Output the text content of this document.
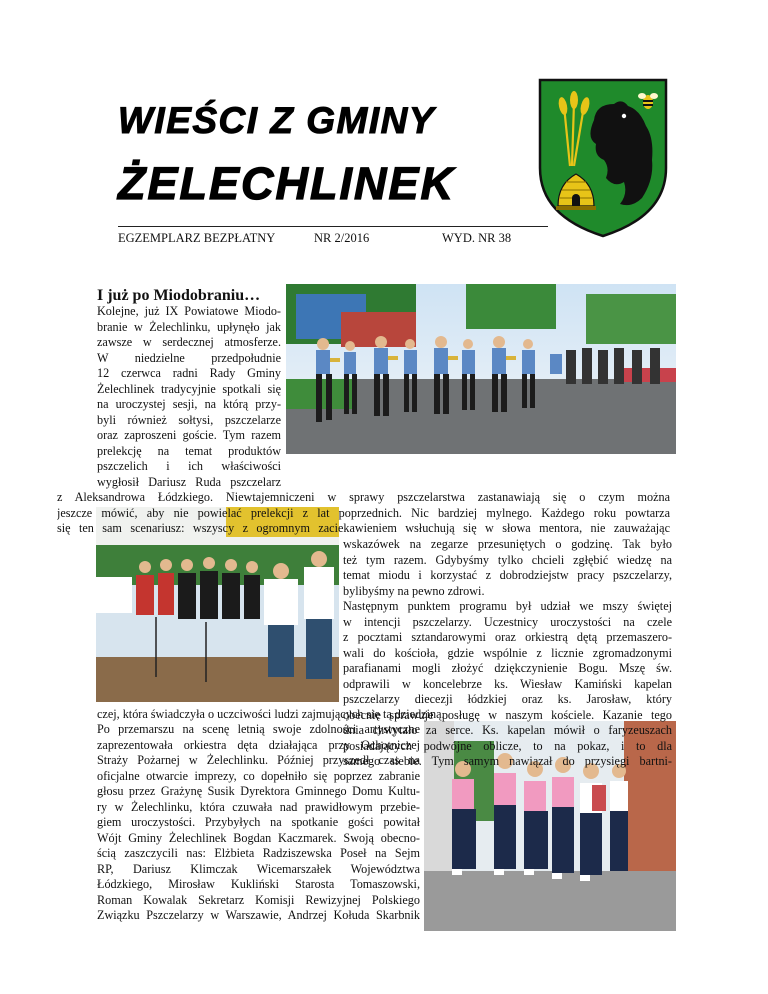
WIEŚCI Z GMINY
ŻELECHLINEK
EGZEMPLARZ BEZPŁATNY	NR 2/2016	WYD. NR 38
I już po Miodobraniu…
Kolejne, już IX Powiatowe Miodo-
branie w Żelechlinku, upłynęło jak
zawsze w serdecznej atmosferze.
W niedzielne przedpołudnie
12 czerwca radni Rady Gminy
Żelechlinek tradycyjnie spotkali się
na uroczystej sesji, na którą przy-
byli również sołtysi, pszczelarze
oraz zaproszeni goście. Tym razem
prelekcję na temat produktów
pszczelich i ich właściwości
wygłosił Dariusz Ruda pszczelarz
z Aleksandrowa Łódzkiego. Niewtajemniczeni w sprawy pszczelarstwa zastanawiają się o czym można
jeszcze mówić, aby nie powielać prelekcji z lat poprzednich. Nic bardziej mylnego. Każdego roku powtarza
się ten sam scenariusz: wszyscy z ogromnym zaciekawieniem wsłuchują się w słowa mentora, nie zauważając
wskazówek na zegarze przesuniętych o godzinę. Tak było
też tym razem. Gdybyśmy tylko chcieli zgłębić wiedzę na
temat miodu i korzystać z dobrodziejstw pracy pszczelarzy,
bylibyśmy na pewno zdrowi.
Następnym punktem programu był udział we mszy świętej
w intencji pszczelarzy. Uczestnicy uroczystości na czele
z pocztami sztandarowymi oraz orkiestrą dętą przemaszero-
wali do kościoła, gdzie wspólnie z licznie zgromadzonymi
parafianami mogli złożyć dziękczynienie Bogu. Mszę św.
odprawili w koncelebrze ks. Wiesław Kamiński kapelan
pszczelarzy diecezji łódzkiej oraz ks. Jarosław, który
obecnie sprawuje posługę w naszym kościele. Kazanie tego
dnia chwytało za serce. Ks. kapelan mówił o faryzeuszach
posiadających podwójne oblicze, to na pokaz, i to dla
samego siebie. Tym samym nawiązał do przysięgi bartni-
czej, która świadczyła o uczciwości ludzi zajmujących się tą dziedziną.
Po przemarszu na scenę letnią swoje zdolności artystyczne
zaprezentowała orkiestra dęta działająca przy Ochotniczej
Straży Pożarnej w Żelechlinku. Później przyszedł czas na
oficjalne otwarcie imprezy, co dopełniło się poprzez zabranie
głosu przez Grażynę Susik Dyrektora Gminnego Domu Kultu-
ry w Żelechlinku, która czuwała nad prawidłowym przebie-
giem uroczystości. Przybyłych na spotkanie gości powitał
Wójt Gminy Żelechlinek Bogdan Kaczmarek. Swoją obecno-
ścią zaszczycili nas: Elżbieta Radziszewska Poseł na Sejm
RP, Dariusz Klimczak Wicemarszałek Województwa
Łódzkiego, Mirosław Kukliński Starosta Tomaszowski,
Roman Kowalak Sekretarz Komisji Rewizyjnej Polskiego
Związku Pszczelarzy w Warszawie, Andrzej Kołuda Skarbnik
